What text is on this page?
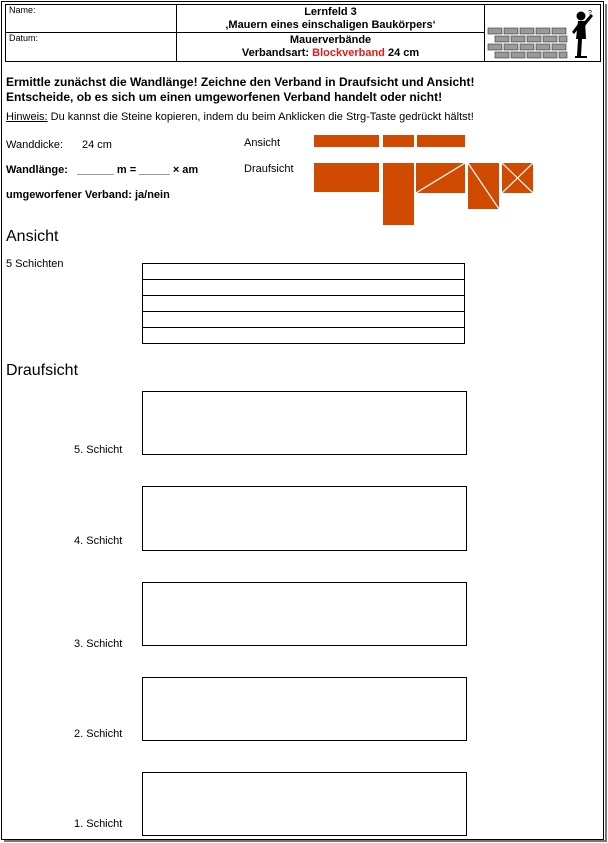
Name:
Datum:
Lernfeld 3
‚Mauern eines einschaligen Baukörpers‘
Mauerverbände
Verbandsart: Blockverband 24 cm
?
Ermittle zunächst die Wandlänge! Zeichne den Verband in Draufsicht und Ansicht!
Entscheide, ob es sich um einen umgeworfenen Verband handelt oder nicht!
Hinweis: Du kannst die Steine kopieren, indem du beim Anklicken die Strg-Taste gedrückt hältst!
Wanddicke: 24 cm
Wandlänge:   ______ m = _____ × am
umgeworfener Verband: ja/nein
Ansicht
Draufsicht
Ansicht
5 Schichten
Draufsicht
5. Schicht
4. Schicht
3. Schicht
2. Schicht
1. Schicht
